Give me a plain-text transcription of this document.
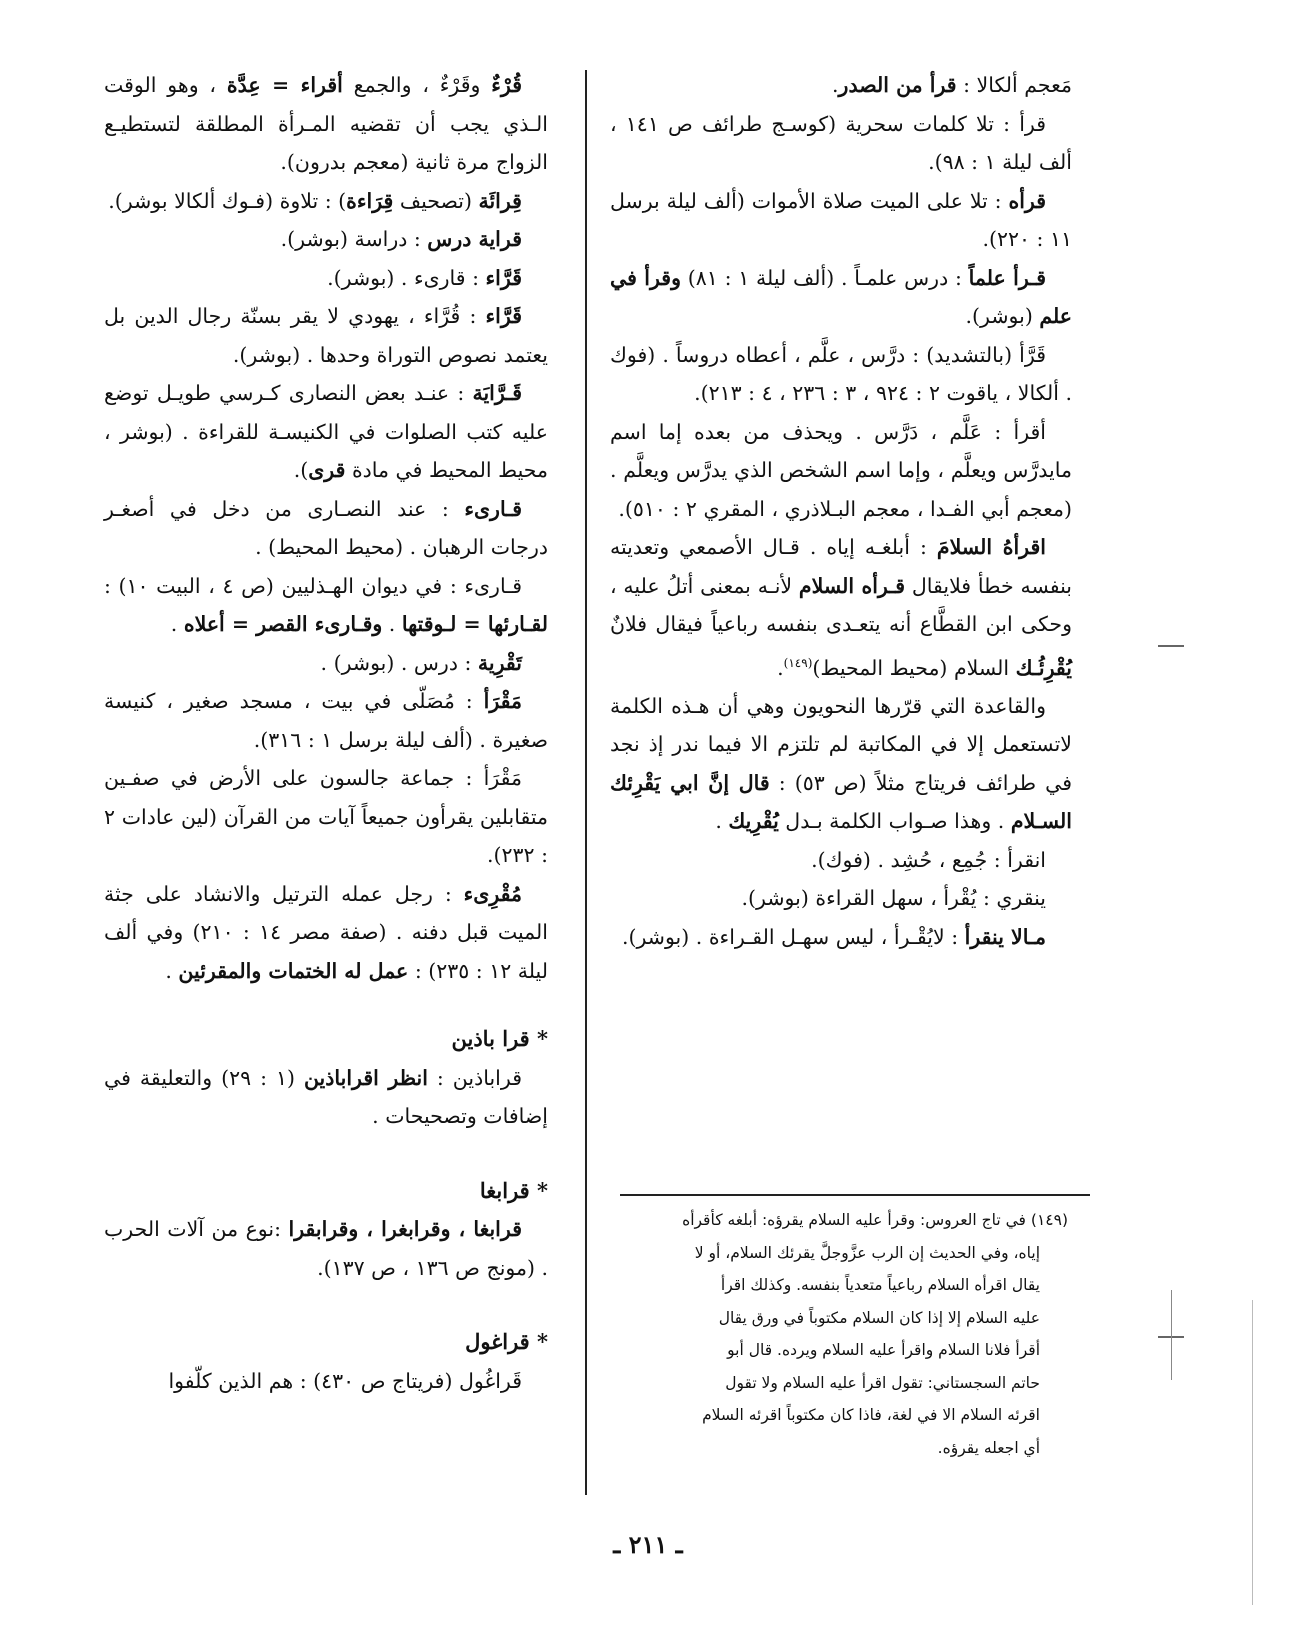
مَعجم ألكالا : قرأ من الصدر.

قرأ : تلا كلمات سحرية (كوسـج طرائف ص ١٤١ ، ألف ليلة ١ : ٩٨).

قرأه : تلا على الميت صلاة الأموات (ألف ليلة برسل ١١ : ٢٢٠).

قـرأ علماً : درس علمـاً . (ألف ليلة ١ : ٨١) وقرأ في علم (بوشر).

قَرَّأ (بالتشديد) : درَّس ، علَّم ، أعطاه دروساً . (فوك . ألكالا ، ياقوت ٢ : ٩٢٤ ، ٣ : ٢٣٦ ، ٤ : ٢١٣).

أقرأ : عَلَّم ، دَرَّس . ويحذف من بعده إما اسم مايدرَّس ويعلَّم ، وإما اسم الشخص الذي يدرَّس ويعلَّم . (معجم أبي الفـدا ، معجم البـلاذري ، المقري ٢ : ٥١٠).

اقرأهُ السلامَ : أبلغـه إياه . قـال الأصمعي وتعديته بنفسه خطأ فلايقال قـرأه السلام لأنـه بمعنى أتلُ عليه ، وحكى ابن القطَّاع أنه يتعـدى بنفسه رباعياً فيقال فلانٌ يُقْرِئُـك السلام (محيط المحيط)$^{(١٤٩)}$.

والقاعدة التي قرّرها النحويون وهي أن هـذه الكلمة لاتستعمل إلا في المكاتبة لم تلتزم الا فيما ندر إذ نجد في طرائف فريتاج مثلاً (ص ٥٣) : قال إنَّ ابي يَقْرِئك السـلام . وهذا صـواب الكلمة بـدل يُقْرِيك .

انقرأ : جُمِع ، حُشِد . (فوك).

ينقري : يُقْرأ ، سهل القراءة (بوشر).

مـالا ينقرأ : لايُقْـرأ ، ليس سهـل القـراءة . (بوشر).

قُرْءٌ وقَرْءٌ ، والجمع أقراء = عِدَّة ، وهو الوقت الـذي يجب أن تقضيه المـرأة المطلقة لتستطيـع الزواج مرة ثانية (معجم بدرون).

قِرائَة (تصحيف قِرَاءة) : تلاوة (فـوك ألكالا بوشر).

قراية درس : دراسة (بوشر).

قَرَّاء : قارىء . (بوشر).

قَرَّاء : قُرَّاء ، يهودي لا يقر بسنّة رجال الدين بل يعتمد نصوص التوراة وحدها . (بوشر).

قَـرَّايَة : عنـد بعض النصارى كـرسي طويـل توضع عليه كتب الصلوات في الكنيسـة للقراءة . (بوشر ، محيط المحيط في مادة قرى).

قـارىء : عند النصـارى من دخل في أصغـر درجات الرهبان . (محيط المحيط) .

قـارىء : في ديوان الهـذليين (ص ٤ ، البيت ١٠) : لقـارئها = لـوقتها . وقـارىء القصر = أعلاه .

تَقْرِية : درس . (بوشر) .

مَقْرَأ : مُصَلّى في بيت ، مسجد صغير ، كنيسة صغيرة . (ألف ليلة برسل ١ : ٣١٦).

مَقْرَأ : جماعة جالسون على الأرض في صفـين متقابلين يقرأون جميعاً آيات من القرآن (لين عادات ٢ : ٢٣٢).

مُقْرِىء : رجل عمله الترتيل والانشاد على جثة الميت قبل دفنه . (صفة مصر ١٤ : ٢١٠) وفي ألف ليلة ١٢ : ٢٣٥) : عمل له الختمات والمقرئين .

* قرا باذين

قراباذين : انظر اقراباذين (١ : ٢٩) والتعليقة في إضافات وتصحيحات .

* قرابغا

قرابغا ، وقرابغرا ، وقرابقرا :نوع من آلات الحرب . (مونج ص ١٣٦ ، ص ١٣٧).

* قراغول

قَراغُول (فريتاج ص ٤٣٠) : هم الذين كلّفوا

(١٤٩) في تاج العروس: وقرأ عليه السلام يقرؤه: أبلغه كأقرأه

إياه، وفي الحديث إن الرب عزَّوجلَّ يقرئك السلام، أو لا

يقال اقرأه السلام رباعياً متعدياً بنفسه. وكذلك اقرأ

عليه السلام إلا إذا كان السلام مكتوباً في ورق يقال

أقرأ فلانا السلام واقرأ عليه السلام ويرده. قال أبو

حاتم السجستاني: تقول اقرأ عليه السلام ولا تقول

اقرئه السلام الا في لغة، فاذا كان مكتوباً اقرئه السلام

أي اجعله يقرؤه.

ـ ٢١١ ـ
